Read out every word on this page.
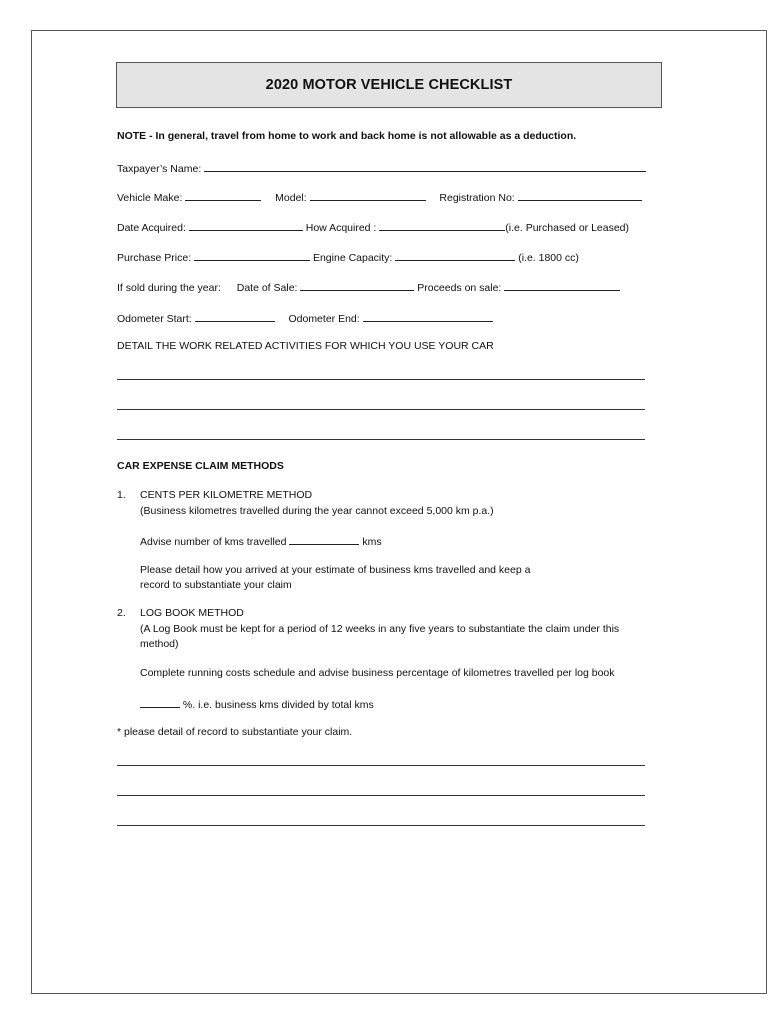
2020 MOTOR VEHICLE CHECKLIST
NOTE - In general, travel from home to work and back home is not allowable as a deduction.
Taxpayer’s Name:
Vehicle Make:	Model:	Registration No:
Date Acquired:	How Acquired :	(i.e. Purchased or Leased)
Purchase Price:	Engine Capacity:	(i.e. 1800 cc)
If sold during the year: Date of Sale:	Proceeds on sale:
Odometer Start:	Odometer End:
DETAIL THE WORK RELATED ACTIVITIES FOR WHICH YOU USE YOUR CAR
CAR EXPENSE CLAIM METHODS
1. CENTS PER KILOMETRE METHOD
(Business kilometres travelled during the year cannot exceed 5,000 km p.a.)
Advise number of kms travelled	kms
Please detail how you arrived at your estimate of business kms travelled and keep a
record to substantiate your claim
2. LOG BOOK METHOD
(A Log Book must be kept for a period of 12 weeks in any five years to substantiate the claim under this
method)
Complete running costs schedule and advise business percentage of kilometres travelled per log book
%. i.e. business kms divided by total kms
* please detail of record to substantiate your claim.
